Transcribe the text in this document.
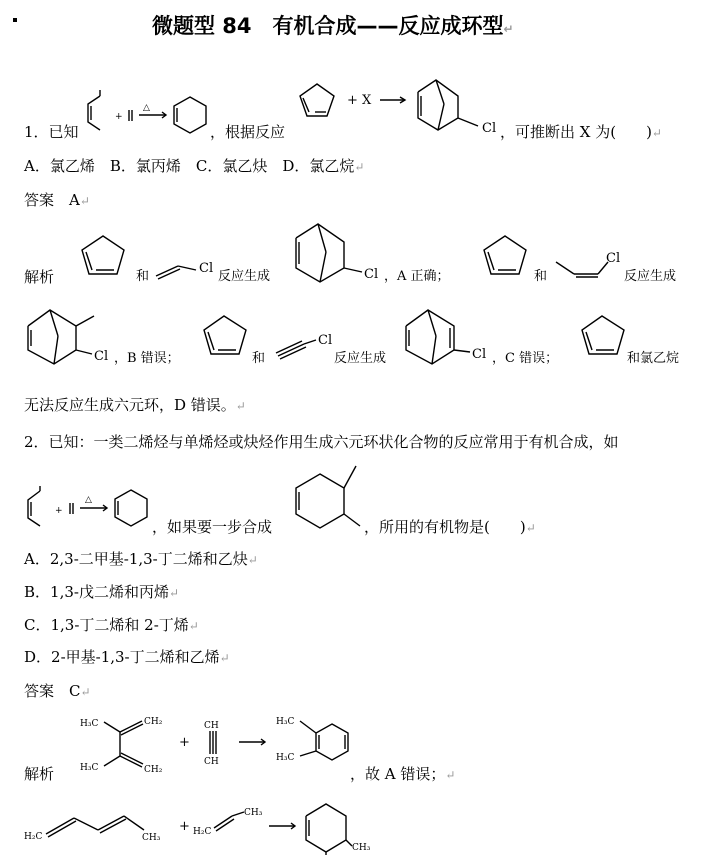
微题型 84　有机合成——反应成环型↵
1．已知
+
△	+ X
Cl
，根据反应	，可推断出 X 为(　　)↵
A．氯乙烯　B．氯丙烯　C．氯乙炔　D．氯乙烷↵
答案　A↵
解析	和
Cl
反应生成	Cl ，A 正确；	和
Cl
反应生成
Cl ，B 错误；	和
Cl
反应生成	Cl ，C 错误；	和氯乙烷
无法反应生成六元环，D 错误。↵
2．已知：一类二烯烃与单烯烃或炔烃作用生成六元环状化合物的反应常用于有机合成，如
+
△
，如果要一步合成	，所用的有机物是(　　)↵
A．2,3-二甲基-1,3-丁二烯和乙炔↵
B．1,3-戊二烯和丙烯↵
C．1,3-丁二烯和 2-丁烯↵
D．2-甲基-1,3-丁二烯和乙烯↵
答案　C↵
解析
H₃C
H₃C
CH₂
CH₂
+
CH
CH
H₃C
H₃C
，故 A 错误；↵
H₂C	CH₃
+ H₂C
CH₃
CH₃
